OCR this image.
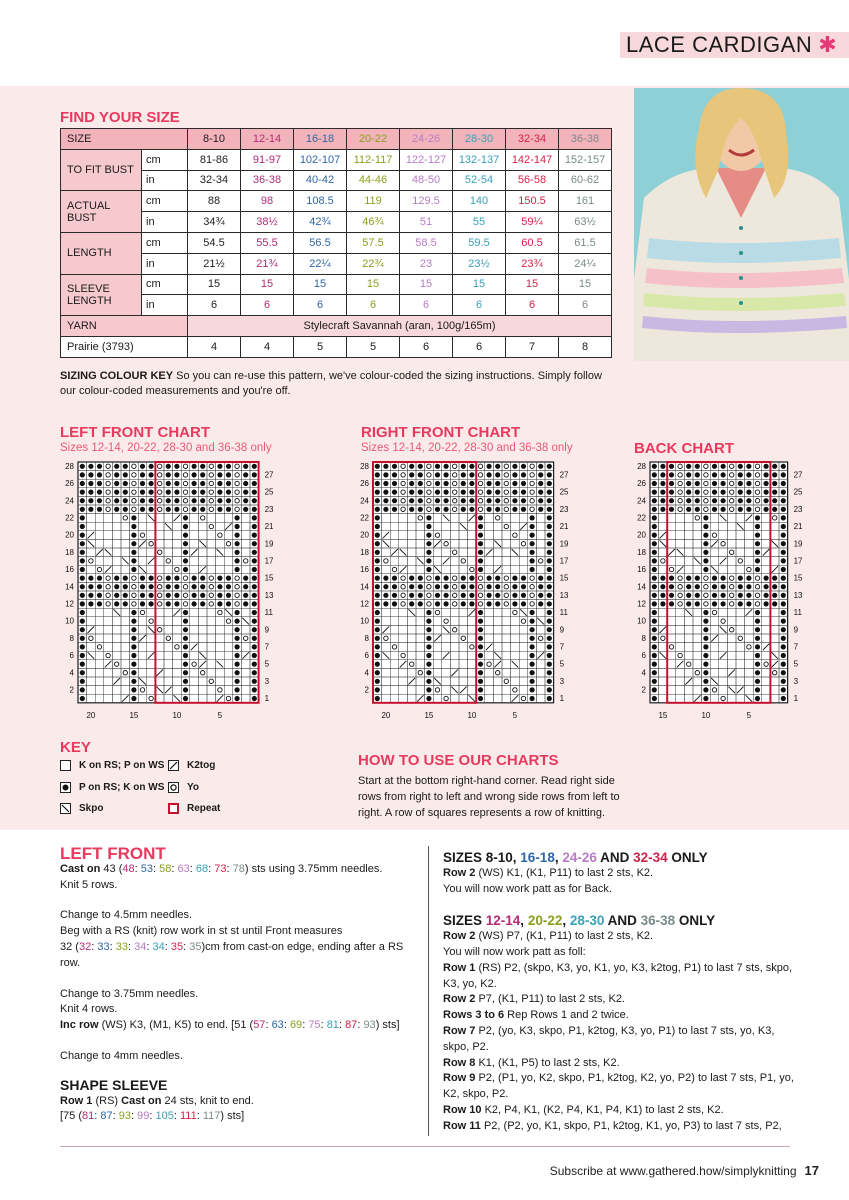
LACE CARDIGAN ✱
FIND YOUR SIZE
SIZE		8-10	12-14	16-18	20-22	24-26	28-30	32-34	36-38
TO FIT BUST	cm	81-86	91-97	102-107	112-117	122-127	132-137	142-147	152-157
	in	32-34	36-38	40-42	44-46	48-50	52-54	56-58	60-62
ACTUAL BUST	cm	88	98	108.5	119	129.5	140	150.5	161
	in	34¾	38½	42¾	46¾	51	55	59¼	63½
LENGTH	cm	54.5	55.5	56.5	57.5	58.5	59.5	60.5	61.5
	in	21½	21¾	22¼	22¾	23	23½	23¾	24¼
SLEEVE LENGTH	cm	15	15	15	15	15	15	15	15
	in	6	6	6	6	6	6	6	6
YARN		Stylecraft Savannah (aran, 100g/165m)							
Prairie (3793)		4	4	5	5	6	6	7	8
SIZING COLOUR KEY So you can re-use this pattern, we've colour-coded the sizing instructions. Simply follow our colour-coded measurements and you're off.
LEFT FRONT CHART
Sizes 12-14, 20-22, 28-30 and 36-38 only
RIGHT FRONT CHART
Sizes 12-14, 20-22, 28-30 and 36-38 only	BACK CHART
28
26
24
22
20
18
16
14
12
10
8
6
4
2
27
25
23
21
19
17
15
13
11
9
7
5
3
1
20	15	10	5
28
26
24
22
20
18
16
14
12
10
8
6
4
2
27
25
23
21
19
17
15
13
11
9
7
5
3
1
20	15	10	5
28
26
24
22
20
18
16
14
12
10
8
6
4
2
27
25
23
21
19
17
15
13
11
9
7
5
3
1
15	10	5
KEY
K on RS; P on WS
P on RS; K on WS
Skpo
K2tog
Yo
Repeat
HOW TO USE OUR CHARTS

Start at the bottom right-hand corner. Read right side rows from right to left and wrong side rows from left to right. A row of squares represents a row of knitting.

LEFT FRONT
Cast on 43 (48: 53: 58: 63: 68: 73: 78) sts using 3.75mm needles.
Knit 5 rows.
Change to 4.5mm needles.
Beg with a RS (knit) row work in st st until Front measures
32 (32: 33: 33: 34: 34: 35: 35)cm from cast-on edge, ending after a RS row.
Change to 3.75mm needles.
Knit 4 rows.
Inc row (WS) K3, (M1, K5) to end. [51 (57: 63: 69: 75: 81: 87: 93) sts]
Change to 4mm needles.
SHAPE SLEEVE
Row 1 (RS) Cast on 24 sts, knit to end.
[75 (81: 87: 93: 99: 105: 111: 117) sts]
SIZES 8-10, 16-18, 24-26 AND 32-34 ONLY
Row 2 (WS) K1, (K1, P11) to last 2 sts, K2.
You will now work patt as for Back.
SIZES 12-14, 20-22, 28-30 AND 36-38 ONLY
Row 2 (WS) P7, (K1, P11) to last 2 sts, K2.
You will now work patt as foll:
Row 1 (RS) P2, (skpo, K3, yo, K1, yo, K3, k2tog, P1) to last 7 sts, skpo, K3, yo, K2.
Row 2 P7, (K1, P11) to last 2 sts, K2.
Rows 3 to 6 Rep Rows 1 and 2 twice.
Row 7 P2, (yo, K3, skpo, P1, k2tog, K3, yo, P1) to last 7 sts, yo, K3, skpo, P2.
Row 8 K1, (K1, P5) to last 2 sts, K2.
Row 9 P2, (P1, yo, K2, skpo, P1, k2tog, K2, yo, P2) to last 7 sts, P1, yo, K2, skpo, P2.
Row 10 K2, P4, K1, (K2, P4, K1, P4, K1) to last 2 sts, K2.
Row 11 P2, (P2, yo, K1, skpo, P1, k2tog, K1, yo, P3) to last 7 sts, P2,
Subscribe at www.gathered.how/simplyknitting 17
